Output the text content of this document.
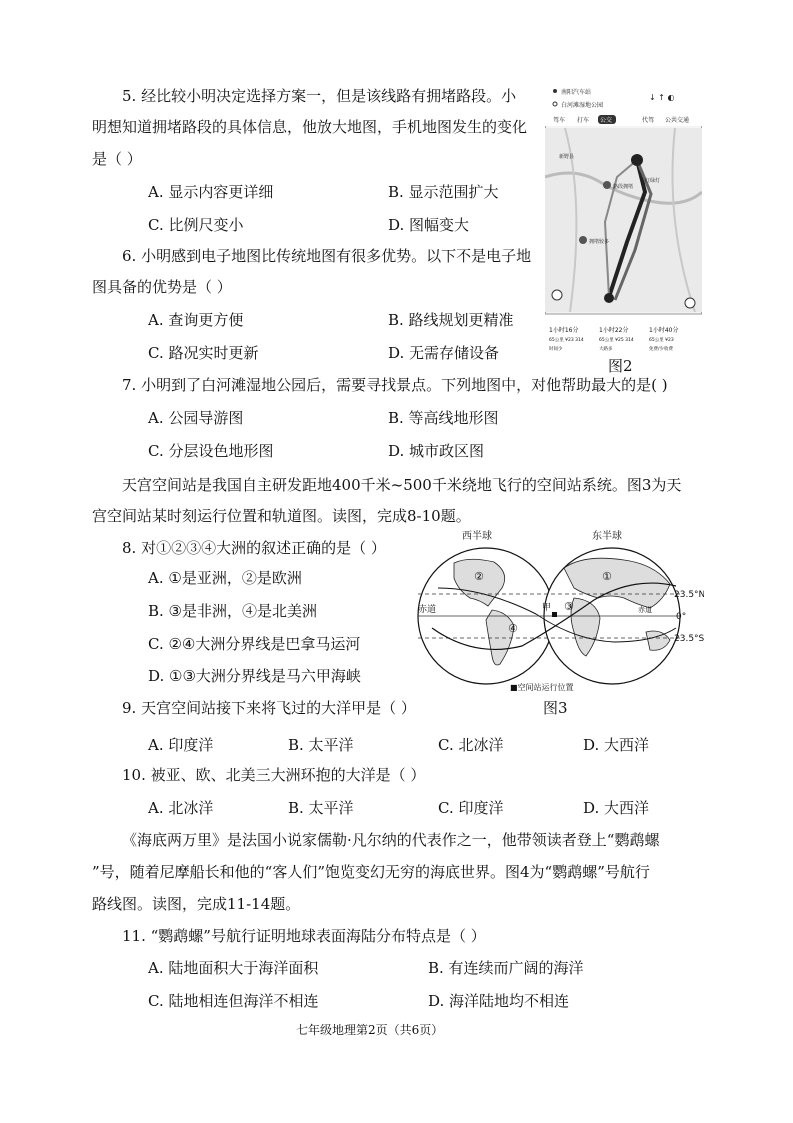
5. 经比较小明决定选择方案一，但是该线路有拥堵路段。小
明想知道拥堵路段的具体信息，他放大地图，手机地图发生的变化
是（ ）
A. 显示内容更详细	B. 显示范围扩大
C. 比例尺变小	D. 图幅变大
6. 小明感到电子地图比传统地图有很多优势。以下不是电子地
图具备的优势是（ ）
A. 查询更方便	B. 路线规划更精准
C. 路况实时更新	D. 无需存储设备
南阳汽车站
白河滩湿地公园
↓ ↑ ◐
驾车 打车 公交	代驾 公共交通
新野县
路段拥堵
拥堵较多
红绿灯
1小时16分
65公里 ¥23 314
时间少
1小时22分
65公里 ¥25 314
大路多
1小时40分
65公里 ¥23
免费/少收费
图2
7. 小明到了白河滩湿地公园后，需要寻找景点。下列地图中，对他帮助最大的是( )
A. 公园导游图	B. 等高线地形图
C. 分层设色地形图	D. 城市政区图
天宫空间站是我国自主研发距地400千米~500千米绕地飞行的空间站系统。图3为天
宫空间站某时刻运行位置和轨道图。读图，完成8-10题。
8. 对①②③④大洲的叙述正确的是（ ）
A. ①是亚洲，②是欧洲
B. ③是非洲，④是北美洲
C. ②④大洲分界线是巴拿马运河
D. ①③大洲分界线是马六甲海峡
西半球	东半球
赤道	甲	赤道
23.5°N
0°
23.5°S
①
②
③
④
■空间站运行位置
图3
9. 天宫空间站接下来将飞过的大洋甲是（ ）
A. 印度洋	B. 太平洋	C. 北冰洋	D. 大西洋
10. 被亚、欧、北美三大洲环抱的大洋是（ ）
A. 北冰洋	B. 太平洋	C. 印度洋	D. 大西洋
《海底两万里》是法国小说家儒勒·凡尔纳的代表作之一，他带领读者登上“鹦鹉螺
”号，随着尼摩船长和他的“客人们”饱览变幻无穷的海底世界。图4为“鹦鹉螺”号航行
路线图。读图，完成11-14题。
11. “鹦鹉螺”号航行证明地球表面海陆分布特点是（ ）
A. 陆地面积大于海洋面积	B. 有连续而广阔的海洋
C. 陆地相连但海洋不相连	D. 海洋陆地均不相连
七年级地理第2页（共6页）
